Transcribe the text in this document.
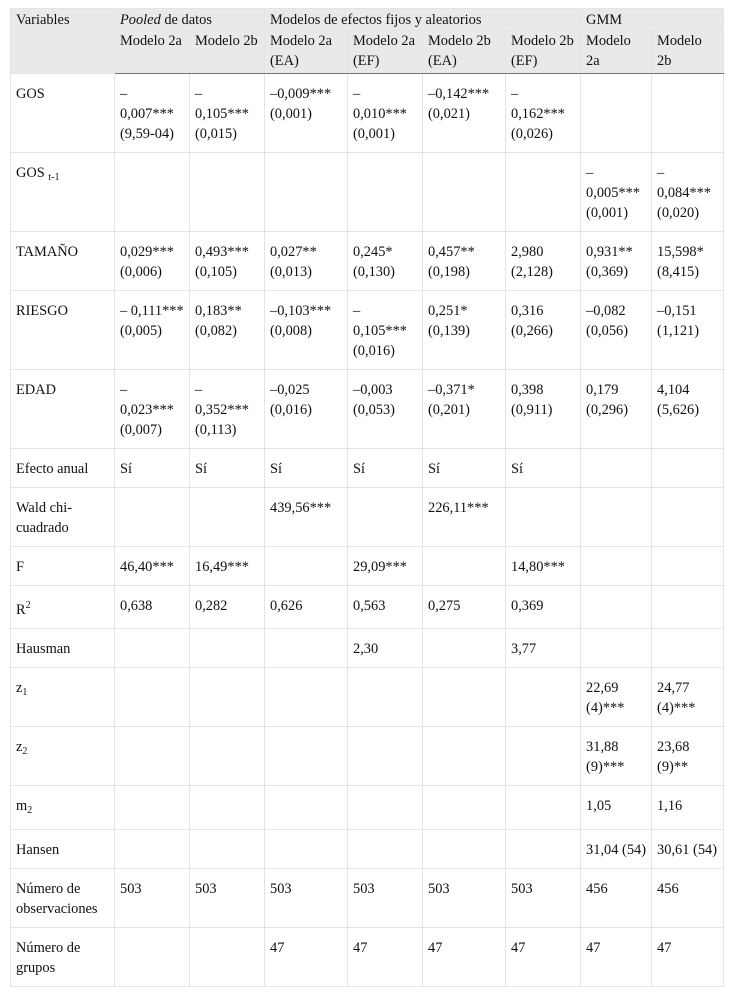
Variables	Pooled de datos		Modelos de efectos fijos y aleatorios				GMM	
	Modelo 2a	Modelo 2b	Modelo 2a (EA)	Modelo 2a (EF)	Modelo 2b (EA)	Modelo 2b (EF)	Modelo 2a	Modelo 2b
GOS	– 0,007*** (9,59-04)	– 0,105*** (0,015)	–0,009*** (0,001)	– 0,010*** (0,001)	–0,142*** (0,021)	– 0,162*** (0,026)		
GOS $_{t-1}$							– 0,005*** (0,001)	– 0,084*** (0,020)
TAMAÑO	0,029*** (0,006)	0,493*** (0,105)	0,027** (0,013)	0,245* (0,130)	0,457** (0,198)	2,980 (2,128)	0,931** (0,369)	15,598* (8,415)
RIESGO	– 0,111*** (0,005)	0,183** (0,082)	–0,103*** (0,008)	– 0,105*** (0,016)	0,251* (0,139)	0,316 (0,266)	–0,082 (0,056)	–0,151 (1,121)
EDAD	– 0,023*** (0,007)	– 0,352*** (0,113)	–0,025 (0,016)	–0,003 (0,053)	–0,371* (0,201)	0,398 (0,911)	0,179 (0,296)	4,104 (5,626)
Efecto anual	Sí	Sí	Sí	Sí	Sí	Sí		
Wald chi-cuadrado			439,56***		226,11***			
F	46,40***	16,49***		29,09***		14,80***		
$R^2$	0,638	0,282	0,626	0,563	0,275	0,369		
Hausman				2,30		3,77		
$z_1$							22,69 (4)***	24,77 (4)***
$z_2$							31,88 (9)***	23,68 (9)**
$m_2$							1,05	1,16
Hansen							31,04 (54)	30,61 (54)
Número de observaciones	503	503	503	503	503	503	456	456
Número de grupos			47	47	47	47	47	47
